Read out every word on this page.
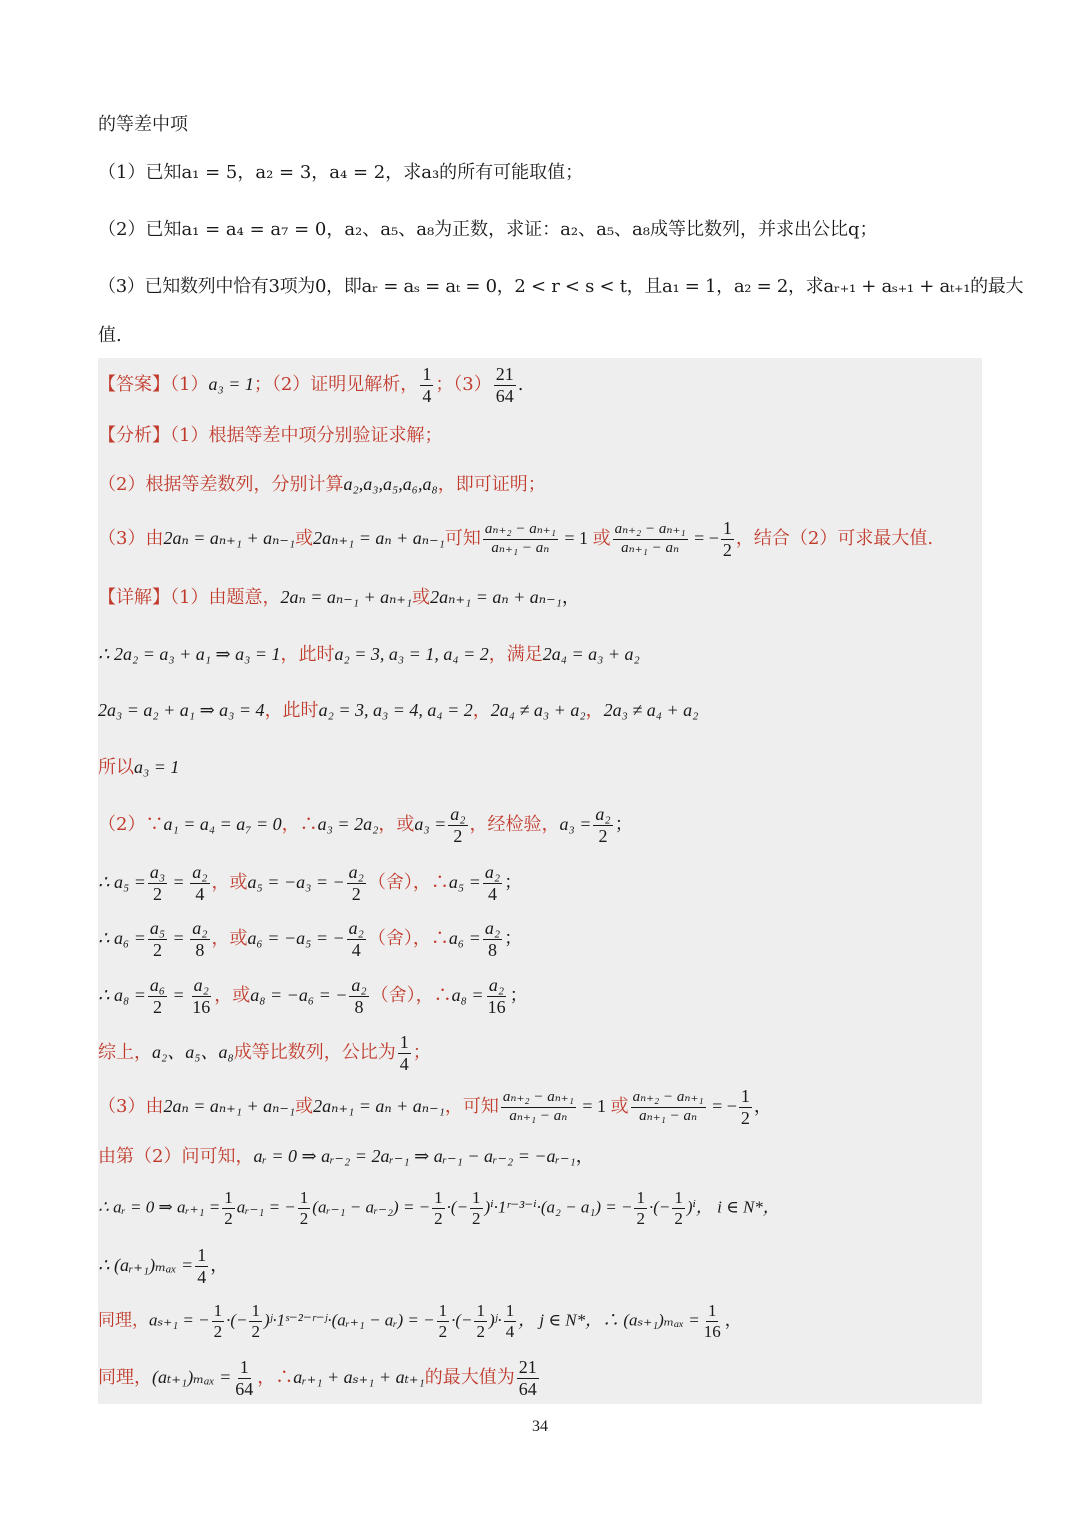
的等差中项
（1）已知a₁ = 5，a₂ = 3，a₄ = 2，求a₃的所有可能取值；
（2）已知a₁ = a₄ = a₇ = 0，a₂、a₅、a₈为正数，求证：a₂、a₅、a₈成等比数列，并求出公比q；
（3）已知数列中恰有3项为0，即aᵣ = aₛ = aₜ = 0，2 < r < s < t，且a₁ = 1，a₂ = 2，求aᵣ₊₁ + aₛ₊₁ + aₜ₊₁的最大
值.
【答案】（1）a₃ = 1；（2）证明见解析， $\frac{1}{4}$ ；$(3) \frac{21}{64}$ .
【分析】（1）根据等差中项分别验证求解；
（2）根据等差数列，分别计算a₂,a₃,a₅,a₆,a₈，即可证明；
（3）由2aₙ = aₙ₊₁ + aₙ₋₁或2aₙ₊₁ = aₙ + aₙ₋₁可知 $\frac{\text{aₙ₊₂ − aₙ₊₁}}{\text{aₙ₊₁ − aₙ}} = 1$ 或 $\frac{\text{aₙ₊₂ − aₙ₊₁}}{\text{aₙ₊₁ − aₙ}}$ = − $\frac{1}{2}$ ，结合（2）可求最大值.
【详解】（1）由题意，2aₙ = aₙ₋₁ + aₙ₊₁或2aₙ₊₁ = aₙ + aₙ₋₁，
∴ 2a₂ = a₃ + a₁ ⇒ a₃ = 1，此时a₂ = 3, a₃ = 1, a₄ = 2，满足2a₄ = a₃ + a₂
2a₃ = a₂ + a₁ ⇒ a₃ = 4，此时a₂ = 3, a₃ = 4, a₄ = 2，2a₄ ≠ a₃ + a₂，2a₃ ≠ a₄ + a₂
所以a₃ = 1
（2）∵a₁ = a₄ = a₇ = 0，∴a₃ = 2a₂，或$a_3 = \frac{\text{a₂}}{2}$ ，经检验，$a_3 = \frac{\text{a₂}}{2}$ ；
∴ $a_5 = \frac{\text{a₃}}{2} = \frac{\text{a₂}}{4}$ ，或a₅ = −a₃ = − $\frac{\text{a₂}}{2}$ （舍），∴a₅ = $\frac{\text{a₂}}{4}$ ；
∴ $a_6 = \frac{\text{a₅}}{2} = \frac{\text{a₂}}{8}$ ，或a₆ = −a₅ = − $\frac{\text{a₂}}{4}$ （舍），∴a₆ = $\frac{\text{a₂}}{8}$ ；
∴ $a_8 = \frac{\text{a₆}}{2} = \frac{\text{a₂}}{16}$ ，或a₈ = −a₆ = − $\frac{\text{a₂}}{8}$ （舍），∴a₈ = $\frac{\text{a₂}}{16}$ ；
综上，a₂、a₅、a₈成等比数列，公比为 $\frac{1}{4}$ ；
（3）由2aₙ = aₙ₊₁ + aₙ₋₁或2aₙ₊₁ = aₙ + aₙ₋₁，可知 $\frac{\text{aₙ₊₂ − aₙ₊₁}}{\text{aₙ₊₁ − aₙ}} = 1$ 或 $\frac{\text{aₙ₊₂ − aₙ₊₁}}{\text{aₙ₊₁ − aₙ}}$ = − $\frac{1}{2}$ ，
由第（2）问可知，aᵣ = 0 ⇒ aᵣ₋₂ = 2aᵣ₋₁ ⇒ aᵣ₋₁ − aᵣ₋₂ = −aᵣ₋₁，
∴ aᵣ = 0 ⇒ aᵣ₊₁ = $\frac{1}{2}$ aᵣ₋₁ = − $\frac{1}{2}$ (aᵣ₋₁ − aᵣ₋₂) = − $\frac{1}{2}$ ·(− $\frac{1}{2}$ )ⁱ·1ʳ⁻³⁻ⁱ·(a₂ − a₁) = − $\frac{1}{2}$ ·(− $\frac{1}{2} )^i$， i ∈ N*，
∴ (aᵣ₊₁)ₘₐₓ = $\frac{1}{4}$ ，
同理，aₛ₊₁ = − $\frac{1}{2}$ ·(− $\frac{1}{2}$ )ʲ·1ˢ⁻²⁻ʳ⁻ʲ·(aᵣ₊₁ − aᵣ) = − $\frac{1}{2}$ ·(− $\frac{1}{2}$ )ʲ· $\frac{1}{4}$ ， j ∈ N*，∴ $(a_{s+1})_{max} = \frac{1}{16}$ ，
同理，$(a_{t+1})_{max} = \frac{1}{64}$ ，∴aᵣ₊₁ + aₛ₊₁ + aₜ₊₁的最大值为 $\frac{21}{64}$
34
